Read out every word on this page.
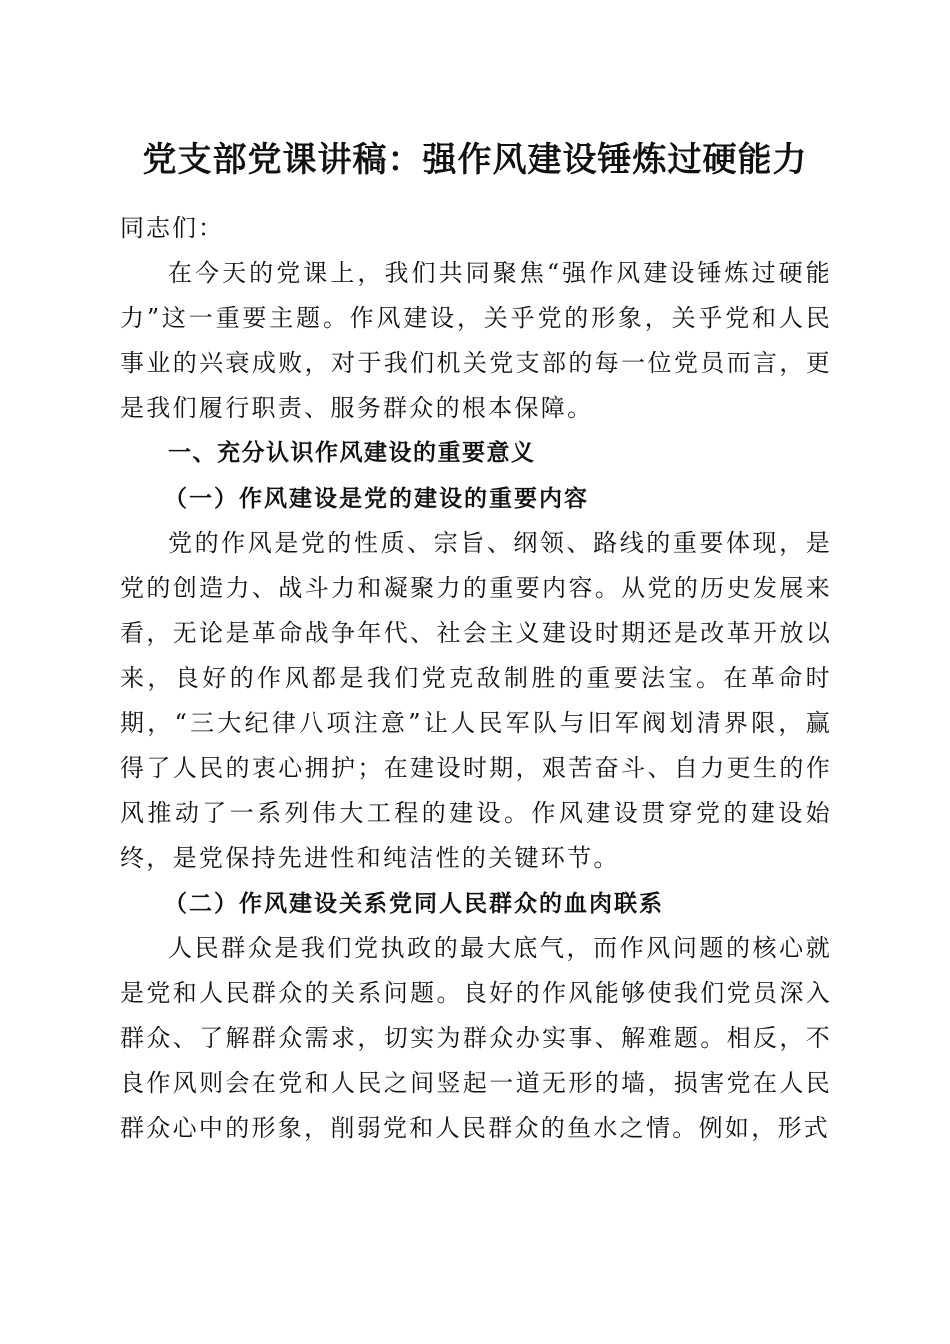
党支部党课讲稿：强作风建设锤炼过硬能力

同志们：

在今天的党课上，我们共同聚焦“强作风建设锤炼过硬能力”这一重要主题。作风建设，关乎党的形象，关乎党和人民事业的兴衰成败，对于我们机关党支部的每一位党员而言，更是我们履行职责、服务群众的根本保障。

一、充分认识作风建设的重要意义
（一）作风建设是党的建设的重要内容

党的作风是党的性质、宗旨、纲领、路线的重要体现，是党的创造力、战斗力和凝聚力的重要内容。从党的历史发展来看，无论是革命战争年代、社会主义建设时期还是改革开放以来，良好的作风都是我们党克敌制胜的重要法宝。在革命时期，“三大纪律八项注意”让人民军队与旧军阀划清界限，赢得了人民的衷心拥护；在建设时期，艰苦奋斗、自力更生的作风推动了一系列伟大工程的建设。作风建设贯穿党的建设始终，是党保持先进性和纯洁性的关键环节。

（二）作风建设关系党同人民群众的血肉联系

人民群众是我们党执政的最大底气，而作风问题的核心就是党和人民群众的关系问题。良好的作风能够使我们党员深入群众、了解群众需求，切实为群众办实事、解难题。相反，不良作风则会在党和人民之间竖起一道无形的墙，损害党在人民群众心中的形象，削弱党和人民群众的鱼水之情。例如，形式
